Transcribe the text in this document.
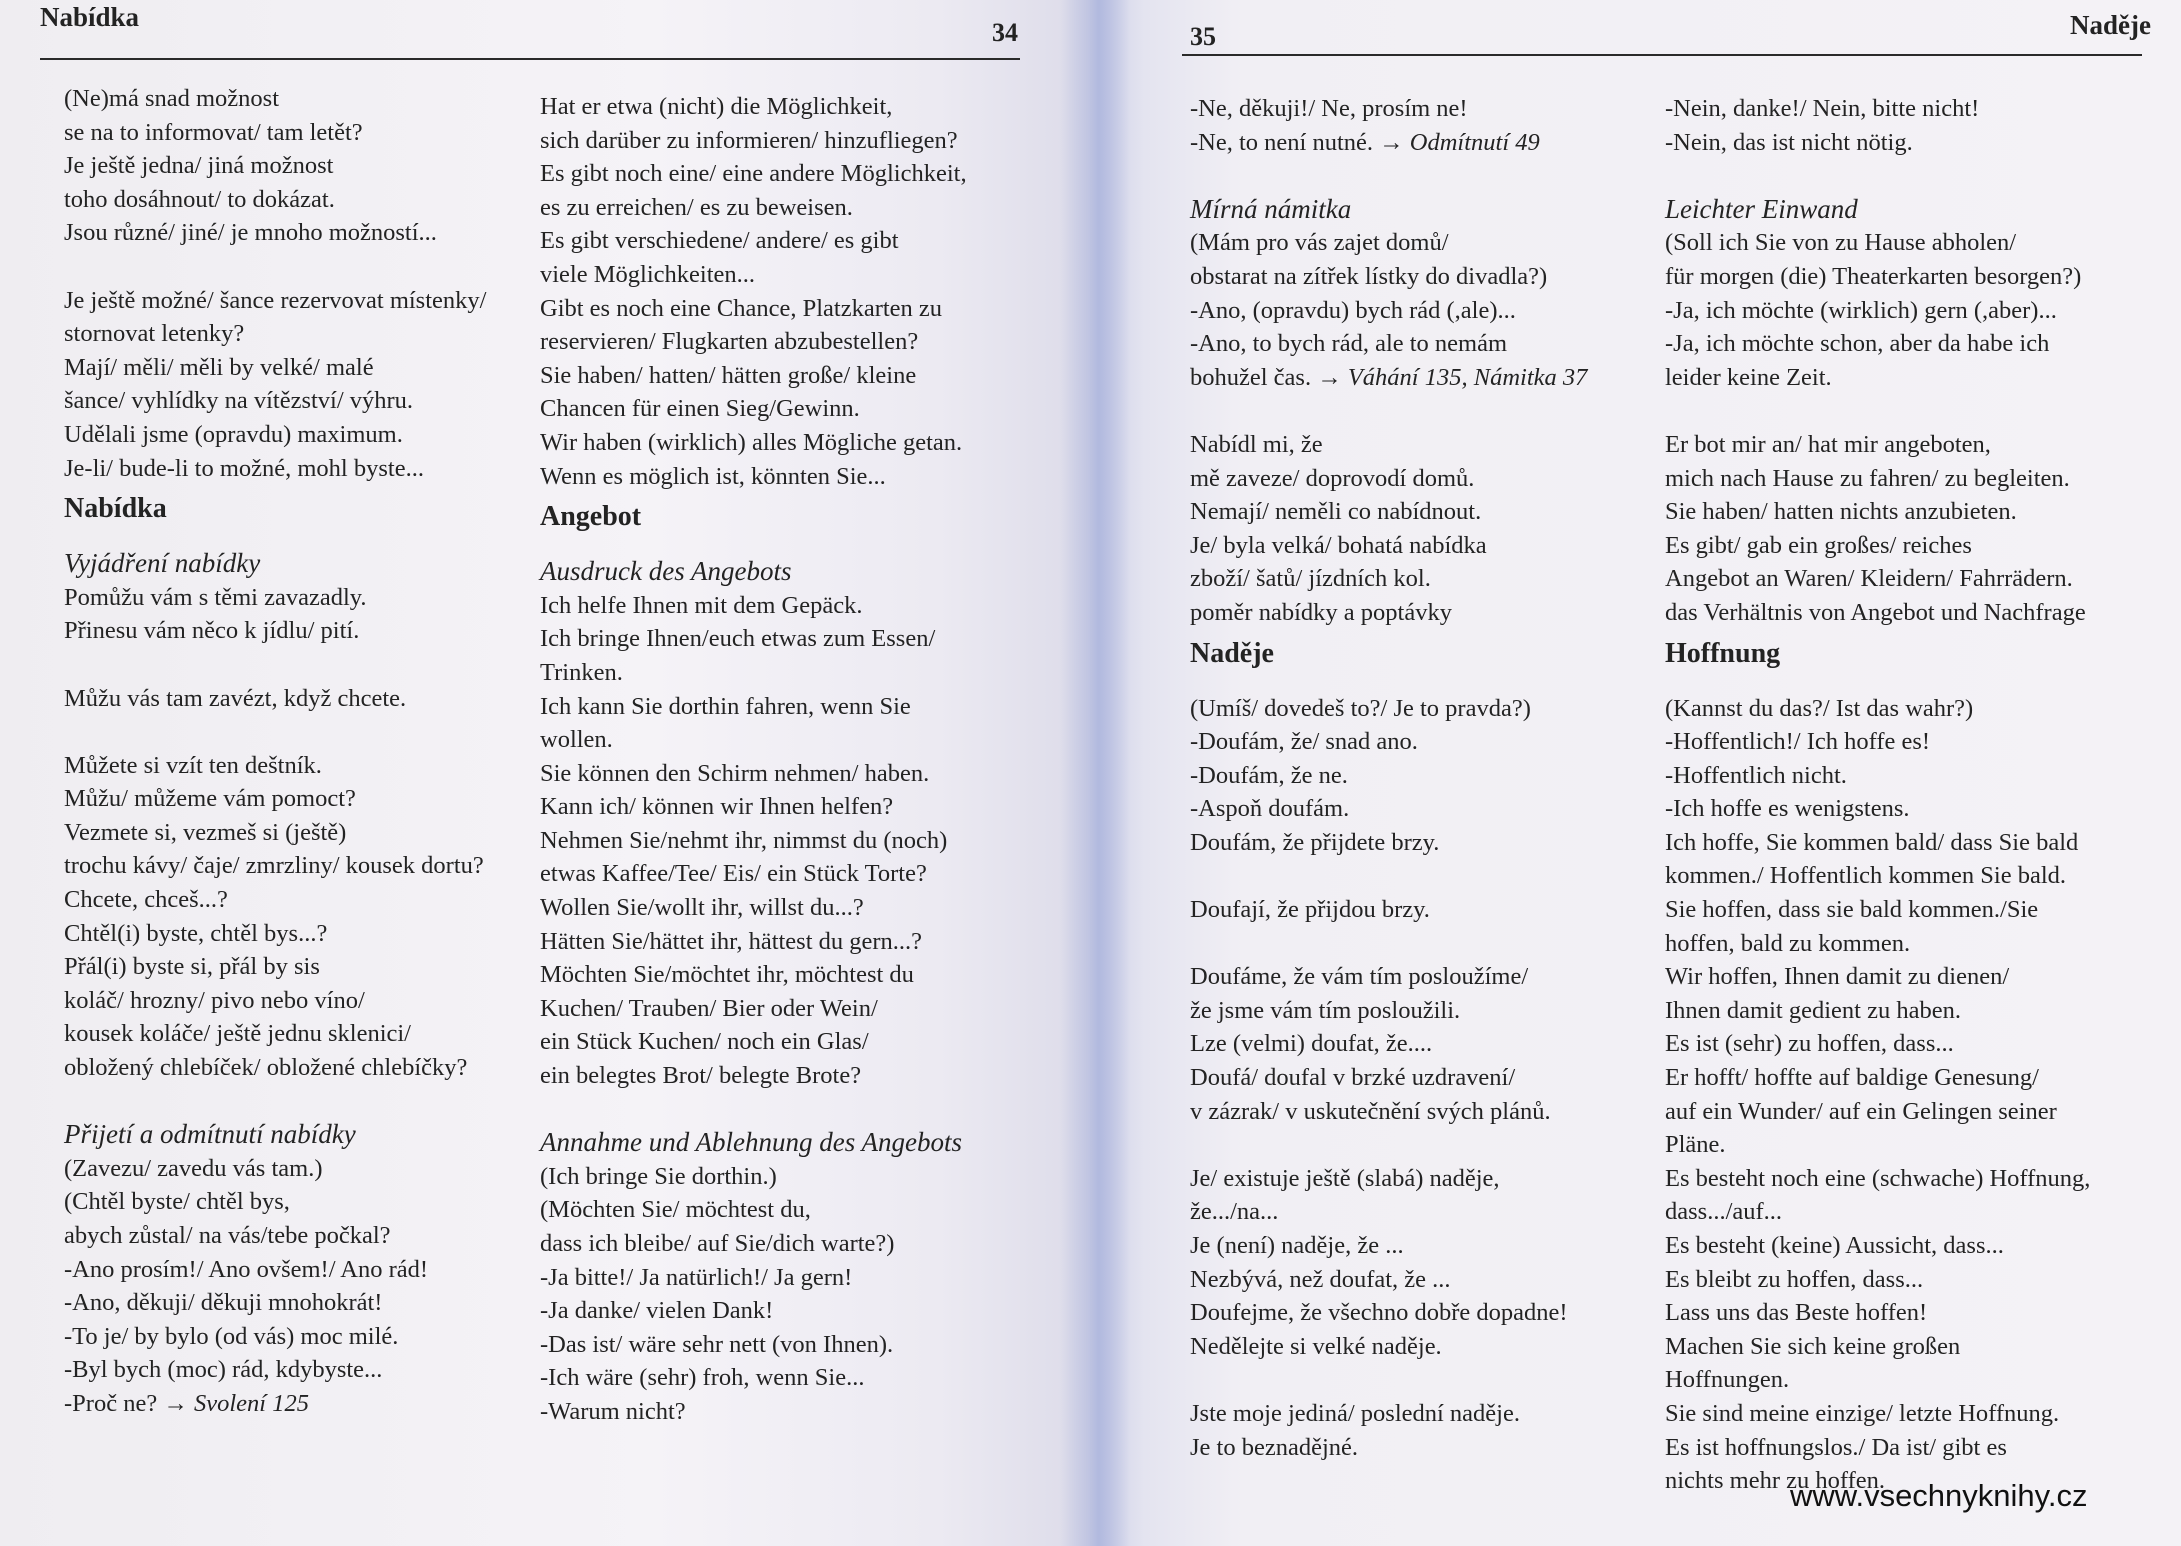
Nabídka
34
(Ne)má snad možnost
se na to informovat/ tam letět?
Je ještě jedna/ jiná možnost
toho dosáhnout/ to dokázat.
Jsou různé/ jiné/ je mnoho možností...
Je ještě možné/ šance rezervovat místenky/
stornovat letenky?
Mají/ měli/ měli by velké/ malé
šance/ vyhlídky na vítězství/ výhru.
Udělali jsme (opravdu) maximum.
Je-li/ bude-li to možné, mohl byste...
Nabídka
Vyjádření nabídky
Pomůžu vám s těmi zavazadly.
Přinesu vám něco k jídlu/ pití.
Můžu vás tam zavézt, když chcete.
Můžete si vzít ten deštník.
Můžu/ můžeme vám pomoct?
Vezmete si, vezmeš si (ještě)
trochu kávy/ čaje/ zmrzliny/ kousek dortu?
Chcete, chceš...?
Chtěl(i) byste, chtěl bys...?
Přál(i) byste si, přál by sis
koláč/ hrozny/ pivo nebo víno/
kousek koláče/ ještě jednu sklenici/
obložený chlebíček/ obložené chlebíčky?
Přijetí a odmítnutí nabídky
(Zavezu/ zavedu vás tam.)
(Chtěl byste/ chtěl bys,
abych zůstal/ na vás/tebe počkal?
-Ano prosím!/ Ano ovšem!/ Ano rád!
-Ano, děkuji/ děkuji mnohokrát!
-To je/ by bylo (od vás) moc milé.
-Byl bych (moc) rád, kdybyste...
-Proč ne? → Svolení 125
Hat er etwa (nicht) die Möglichkeit,
sich darüber zu informieren/ hinzufliegen?
Es gibt noch eine/ eine andere Möglichkeit,
es zu erreichen/ es zu beweisen.
Es gibt verschiedene/ andere/ es gibt
viele Möglichkeiten...
Gibt es noch eine Chance, Platzkarten zu
reservieren/ Flugkarten abzubestellen?
Sie haben/ hatten/ hätten große/ kleine
Chancen für einen Sieg/Gewinn.
Wir haben (wirklich) alles Mögliche getan.
Wenn es möglich ist, könnten Sie...
Angebot
Ausdruck des Angebots
Ich helfe Ihnen mit dem Gepäck.
Ich bringe Ihnen/euch etwas zum Essen/
Trinken.
Ich kann Sie dorthin fahren, wenn Sie
wollen.
Sie können den Schirm nehmen/ haben.
Kann ich/ können wir Ihnen helfen?
Nehmen Sie/nehmt ihr, nimmst du (noch)
etwas Kaffee/Tee/ Eis/ ein Stück Torte?
Wollen Sie/wollt ihr, willst du...?
Hätten Sie/hättet ihr, hättest du gern...?
Möchten Sie/möchtet ihr, möchtest du
Kuchen/ Trauben/ Bier oder Wein/
ein Stück Kuchen/ noch ein Glas/
ein belegtes Brot/ belegte Brote?
Annahme und Ablehnung des Angebots
(Ich bringe Sie dorthin.)
(Möchten Sie/ möchtest du,
dass ich bleibe/ auf Sie/dich warte?)
-Ja bitte!/ Ja natürlich!/ Ja gern!
-Ja danke/ vielen Dank!
-Das ist/ wäre sehr nett (von Ihnen).
-Ich wäre (sehr) froh, wenn Sie...
-Warum nicht?
35	Naděje
-Ne, děkuji!/ Ne, prosím ne!
-Ne, to není nutné. → Odmítnutí 49
Mírná námitka
(Mám pro vás zajet domů/
obstarat na zítřek lístky do divadla?)
-Ano, (opravdu) bych rád (,ale)...
-Ano, to bych rád, ale to nemám
bohužel čas. → Váhání 135, Námitka 37
Nabídl mi, že
mě zaveze/ doprovodí domů.
Nemají/ neměli co nabídnout.
Je/ byla velká/ bohatá nabídka
zboží/ šatů/ jízdních kol.
poměr nabídky a poptávky
Naděje
(Umíš/ dovedeš to?/ Je to pravda?)
-Doufám, že/ snad ano.
-Doufám, že ne.
-Aspoň doufám.
Doufám, že přijdete brzy.
Doufají, že přijdou brzy.
Doufáme, že vám tím posloužíme/
že jsme vám tím posloužili.
Lze (velmi) doufat, že....
Doufá/ doufal v brzké uzdravení/
v zázrak/ v uskutečnění svých plánů.
Je/ existuje ještě (slabá) naděje,
že.../na...
Je (není) naděje, že ...
Nezbývá, než doufat, že ...
Doufejme, že všechno dobře dopadne!
Nedělejte si velké naděje.
Jste moje jediná/ poslední naděje.
Je to beznadějné.
-Nein, danke!/ Nein, bitte nicht!
-Nein, das ist nicht nötig.
Leichter Einwand
(Soll ich Sie von zu Hause abholen/
für morgen (die) Theaterkarten besorgen?)
-Ja, ich möchte (wirklich) gern (,aber)...
-Ja, ich möchte schon, aber da habe ich
leider keine Zeit.
Er bot mir an/ hat mir angeboten,
mich nach Hause zu fahren/ zu begleiten.
Sie haben/ hatten nichts anzubieten.
Es gibt/ gab ein großes/ reiches
Angebot an Waren/ Kleidern/ Fahrrädern.
das Verhältnis von Angebot und Nachfrage
Hoffnung
(Kannst du das?/ Ist das wahr?)
-Hoffentlich!/ Ich hoffe es!
-Hoffentlich nicht.
-Ich hoffe es wenigstens.
Ich hoffe, Sie kommen bald/ dass Sie bald
kommen./ Hoffentlich kommen Sie bald.
Sie hoffen, dass sie bald kommen./Sie
hoffen, bald zu kommen.
Wir hoffen, Ihnen damit zu dienen/
Ihnen damit gedient zu haben.
Es ist (sehr) zu hoffen, dass...
Er hofft/ hoffte auf baldige Genesung/
auf ein Wunder/ auf ein Gelingen seiner
Pläne.
Es besteht noch eine (schwache) Hoffnung,
dass.../auf...
Es besteht (keine) Aussicht, dass...
Es bleibt zu hoffen, dass...
Lass uns das Beste hoffen!
Machen Sie sich keine großen
Hoffnungen.
Sie sind meine einzige/ letzte Hoffnung.
Es ist hoffnungslos./ Da ist/ gibt es
nichts mehr zu hoffen.
www.vsechnyknihy.cz
